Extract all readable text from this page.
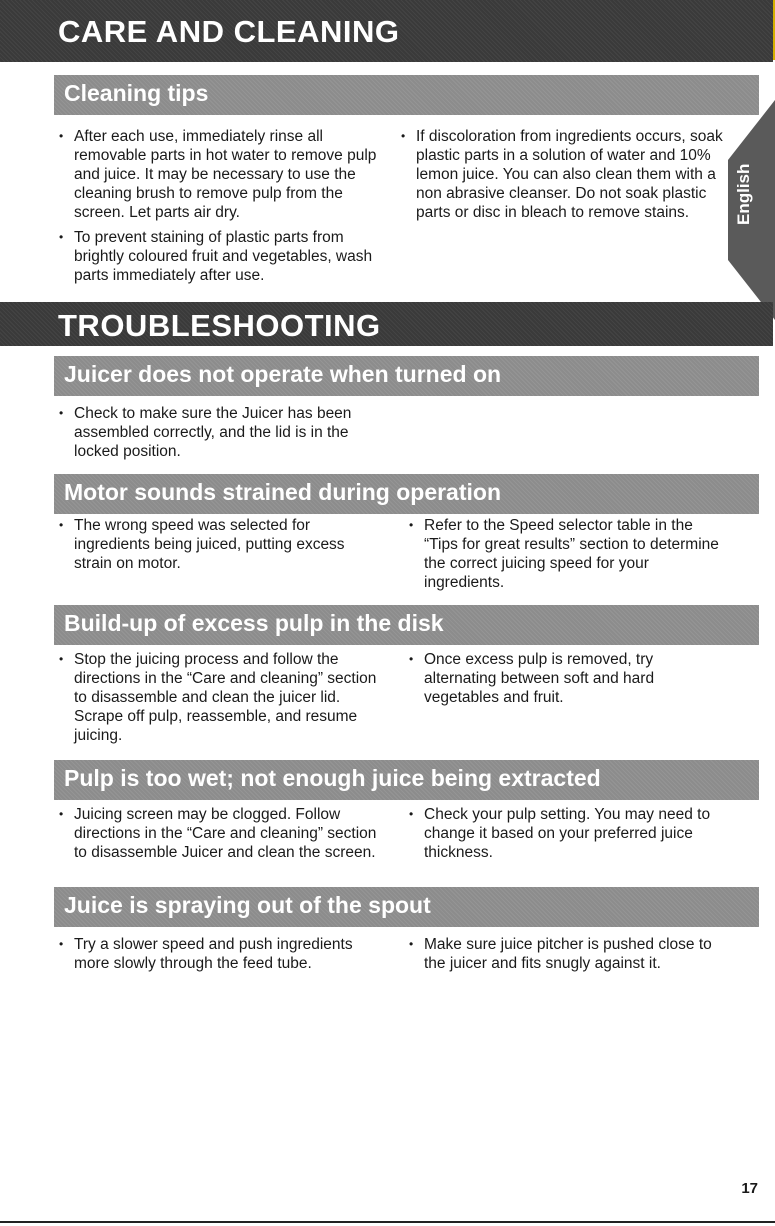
CARE AND CLEANING
Cleaning tips
• After each use, immediately rinse all removable parts in hot water to remove pulp and juice. It may be necessary to use the cleaning brush to remove pulp from the screen. Let parts air dry.
• To prevent staining of plastic parts from brightly coloured fruit and vegetables, wash parts immediately after use.
• If discoloration from ingredients occurs, soak plastic parts in a solution of water and 10% lemon juice. You can also clean them with a non abrasive cleanser. Do not soak plastic parts or disc in bleach to remove stains.	English
TROUBLESHOOTING
Juicer does not operate when turned on
• Check to make sure the Juicer has been assembled correctly, and the lid is in the locked position.
Motor sounds strained during operation
• The wrong speed was selected for ingredients being juiced, putting excess strain on motor.
• Refer to the Speed selector table in the “Tips for great results” section to determine the correct juicing speed for your ingredients.
Build-up of excess pulp in the disk
• Stop the juicing process and follow the directions in the “Care and cleaning” section to disassemble and clean the juicer lid. Scrape off pulp, reassemble, and resume juicing.
• Once excess pulp is removed, try alternating between soft and hard vegetables and fruit.
Pulp is too wet; not enough juice being extracted
• Juicing screen may be clogged. Follow directions in the “Care and cleaning” section to disassemble Juicer and clean the screen.
• Check your pulp setting. You may need to change it based on your preferred juice thickness.
Juice is spraying out of the spout
• Try a slower speed and push ingredients more slowly through the feed tube.
• Make sure juice pitcher is pushed close to the juicer and fits snugly against it.
17
